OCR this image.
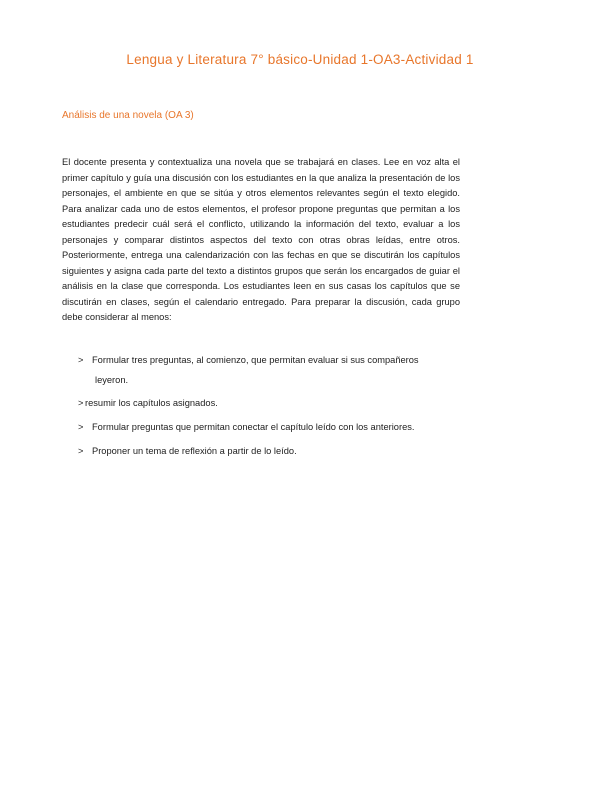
Lengua y Literatura 7° básico-Unidad 1-OA3-Actividad 1
Análisis de una novela (OA 3)
El docente presenta y contextualiza una novela que se trabajará en clases. Lee en voz alta el primer capítulo y guía una discusión con los estudiantes en la que analiza la presentación de los personajes, el ambiente en que se sitúa y otros elementos relevantes según el texto elegido. Para analizar cada uno de estos elementos, el profesor propone preguntas que permitan a los estudiantes predecir cuál será el conflicto, utilizando la información del texto, evaluar a los personajes y comparar distintos aspectos del texto con otras obras leídas, entre otros. Posteriormente, entrega una calendarización con las fechas en que se discutirán los capítulos siguientes y asigna cada parte del texto a distintos grupos que serán los encargados de guiar el análisis en la clase que corresponda. Los estudiantes leen en sus casas los capítulos que se discutirán en clases, según el calendario entregado. Para preparar la discusión, cada grupo debe considerar al menos:
> Formular tres preguntas, al comienzo, que permitan evaluar si sus compañeros
leyeron.
> resumir los capítulos asignados.
> Formular preguntas que permitan conectar el capítulo leído con los anteriores.
> Proponer un tema de reflexión a partir de lo leído.
